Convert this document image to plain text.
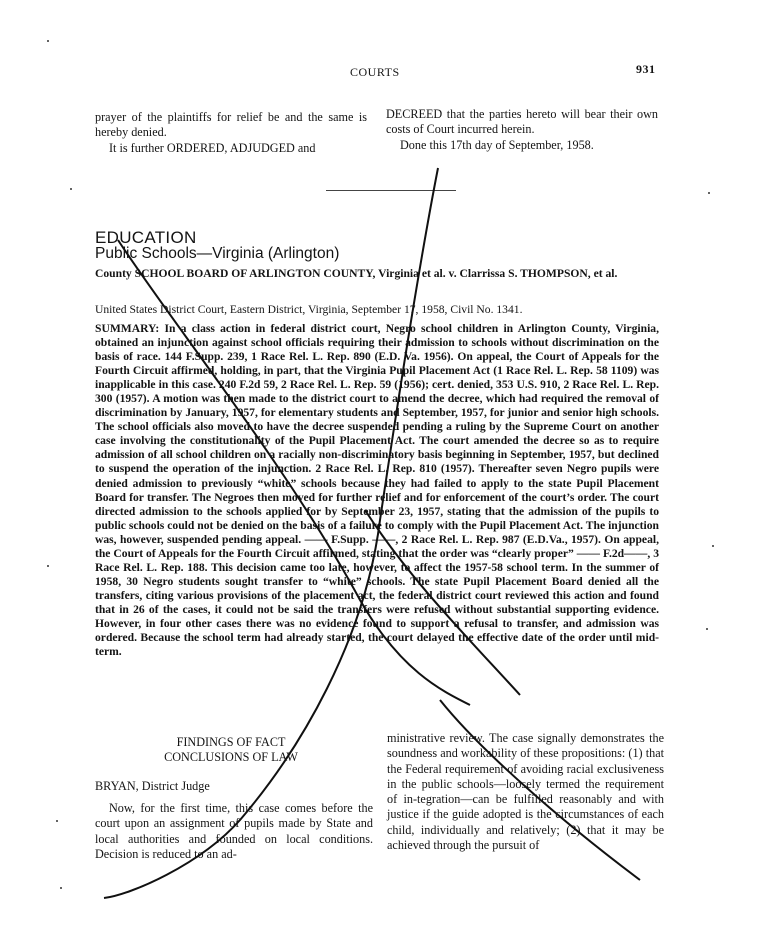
COURTS	931

prayer of the plaintiffs for relief be and the same is hereby denied.

It is further ORDERED, ADJUDGED and

DECREED that the parties hereto will bear their own costs of Court incurred herein.

Done this 17th day of September, 1958.

EDUCATION
Public Schools—Virginia (Arlington)
County SCHOOL BOARD OF ARLINGTON COUNTY, Virginia et al. v. Clarrissa S. THOMPSON, et al.
United States District Court, Eastern District, Virginia, September 17, 1958, Civil No. 1341.
SUMMARY: In a class action in federal district court, Negro school children in Arlington County, Virginia, obtained an injunction against school officials requiring their admission to schools without discrimination on the basis of race. 144 F.Supp. 239, 1 Race Rel. L. Rep. 890 (E.D. Va. 1956). On appeal, the Court of Appeals for the Fourth Circuit affirmed, holding, in part, that the Virginia Pupil Placement Act (1 Race Rel. L. Rep. 58 1109) was inapplicable in this case. 240 F.2d 59, 2 Race Rel. L. Rep. 59 (1956); cert. denied, 353 U.S. 910, 2 Race Rel. L. Rep. 300 (1957). A motion was then made to the district court to amend the decree, which had required the removal of discrimination by January, 1957, for elementary students and September, 1957, for junior and senior high schools. The school officials also moved to have the decree suspended pending a ruling by the Supreme Court on another case involving the constitutionality of the Pupil Placement Act. The court amended the decree so as to require admission of all school children on a racially non-discriminatory basis beginning in September, 1957, but declined to suspend the operation of the injunction. 2 Race Rel. L. Rep. 810 (1957). Thereafter seven Negro pupils were denied admission to previously “white” schools because they had failed to apply to the state Pupil Placement Board for transfer. The Negroes then moved for further relief and for enforcement of the court’s order. The court directed admission to the schools applied for by September 23, 1957, stating that the admission of the pupils to public schools could not be denied on the basis of a failure to comply with the Pupil Placement Act. The injunction was, however, suspended pending appeal. —— F.Supp. ——, 2 Race Rel. L. Rep. 987 (E.D.Va., 1957). On appeal, the Court of Appeals for the Fourth Circuit affirmed, stating that the order was “clearly proper” —— F.2d——, 3 Race Rel. L. Rep. 188. This decision came too late, however, to affect the 1957-58 school term. In the summer of 1958, 30 Negro students sought transfer to “white” schools. The state Pupil Placement Board denied all the transfers, citing various provisions of the placement act, the federal district court reviewed this action and found that in 26 of the cases, it could not be said the transfers were refused without substantial supporting evidence. However, in four other cases there was no evidence found to support a refusal to transfer, and admission was ordered. Because the school term had already started, the court delayed the effective date of the order until mid-term.
FINDINGS OF FACT
CONCLUSIONS OF LAW
BRYAN, District Judge

Now, for the first time, this case comes before the court upon an assignment of pupils made by State and local authorities and founded on local conditions. Decision is reduced to an ad-

ministrative review. The case signally demonstrates the soundness and workability of these propositions: (1) that the Federal requirement of avoiding racial exclusiveness in the public schools—loosely termed the requirement of in-tegration—can be fulfilled reasonably and with justice if the guide adopted is the circumstances of each child, individually and relatively; (2) that it may be achieved through the pursuit of
